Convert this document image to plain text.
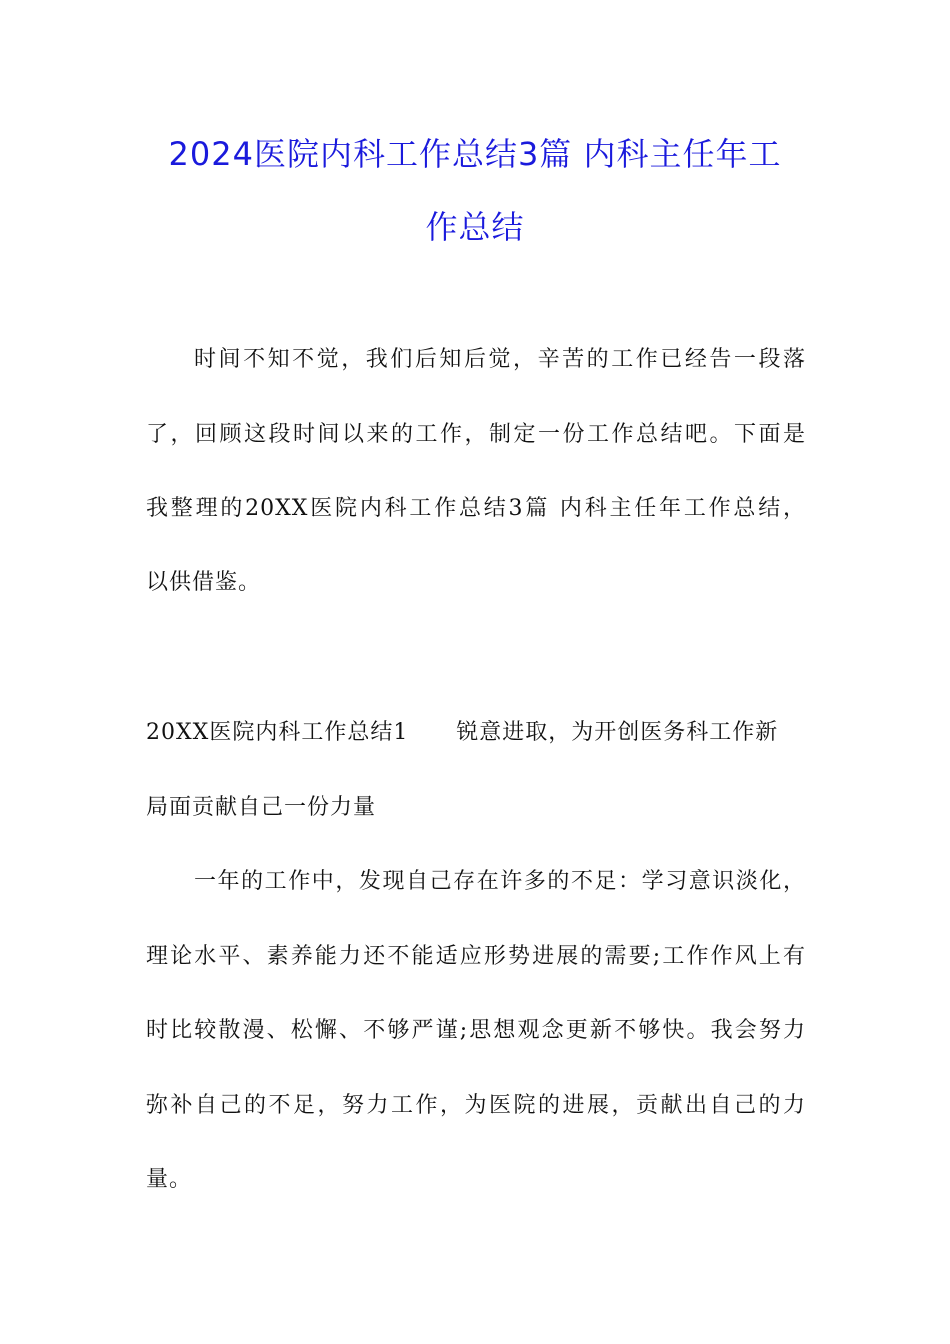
2024医院内科工作总结3篇 内科主任年工
作总结
时间不知不觉，我们后知后觉，辛苦的工作已经告一段落
了，回顾这段时间以来的工作，制定一份工作总结吧。下面是
我整理的20XX医院内科工作总结3篇 内科主任年工作总结，
以供借鉴。
20XX医院内科工作总结1      锐意进取，为开创医务科工作新
局面贡献自己一份力量
一年的工作中，发现自己存在许多的不足：学习意识淡化，
理论水平、素养能力还不能适应形势进展的需要;工作作风上有
时比较散漫、松懈、不够严谨;思想观念更新不够快。我会努力
弥补自己的不足，努力工作，为医院的进展，贡献出自己的力
量。
